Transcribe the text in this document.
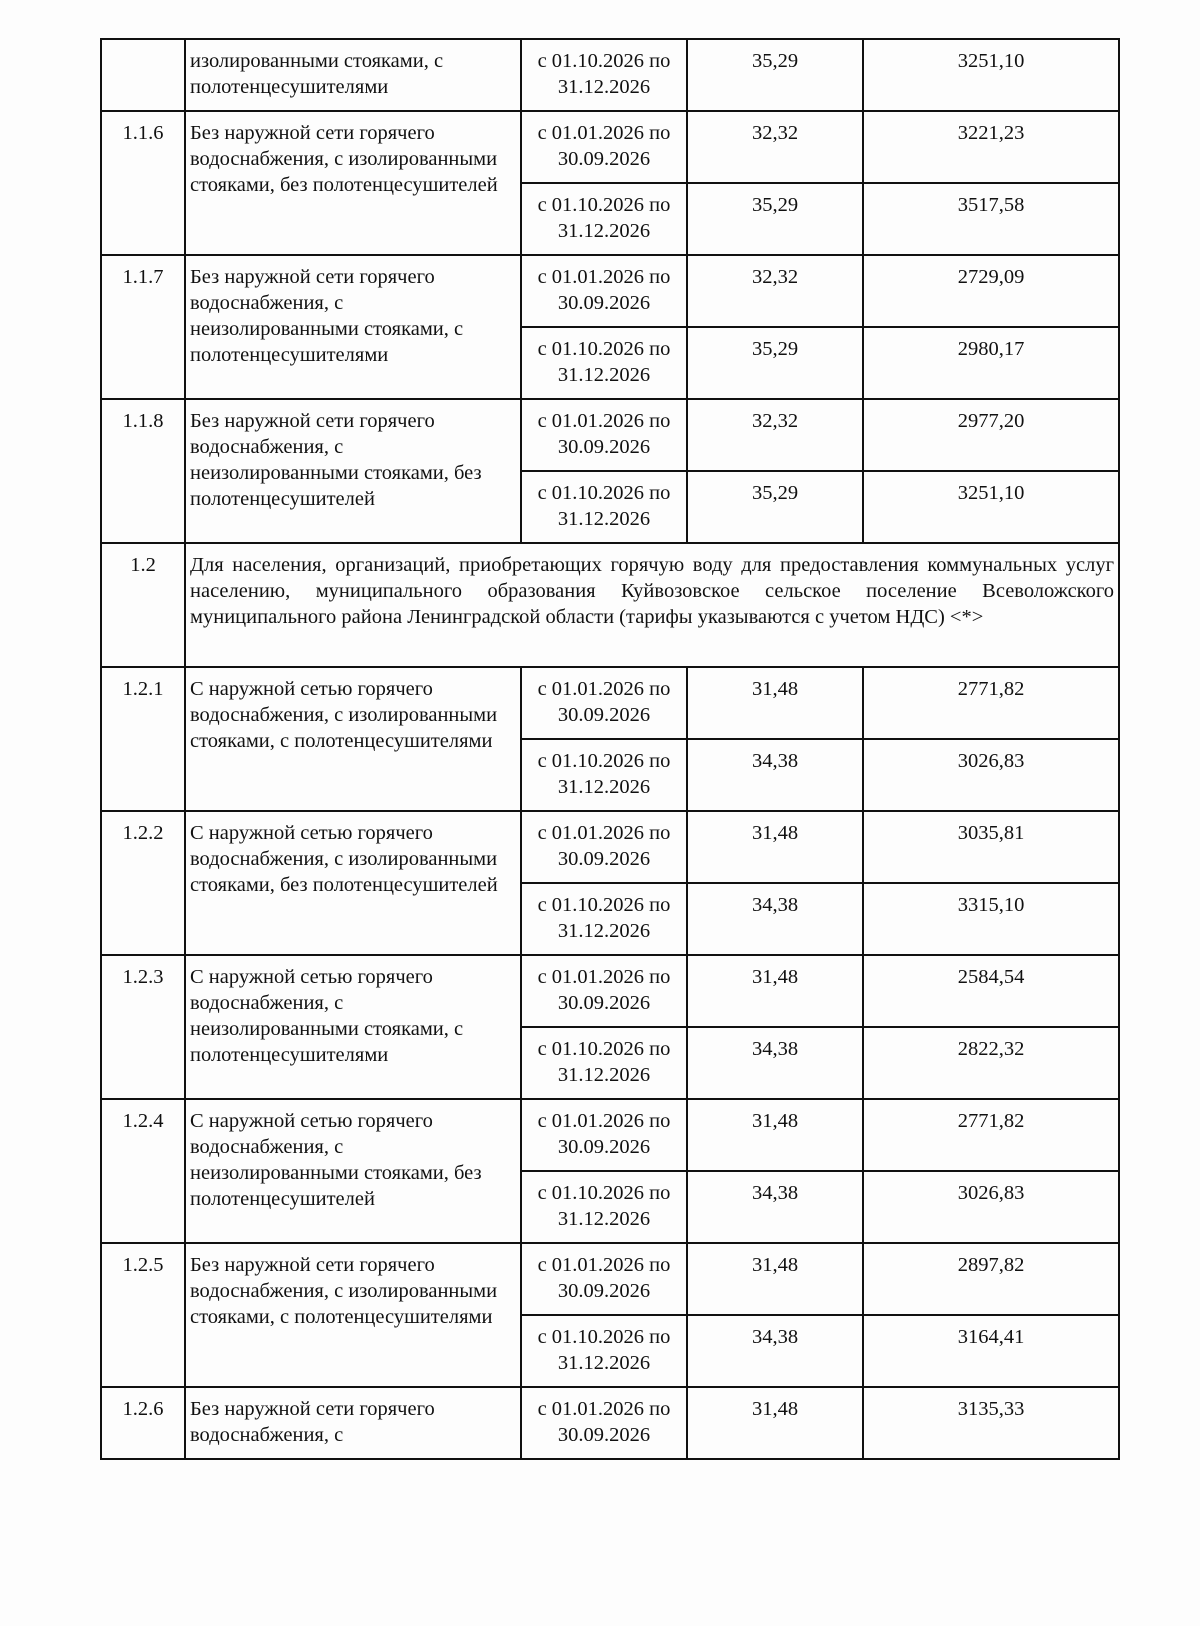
	изолированными стояками, с полотенцесушителями	с 01.10.2026 по 31.12.2026	35,29	3251,10
1.1.6	Без наружной сети горячего водоснабжения, с изолированными стояками, без полотенцесушителей	с 01.01.2026 по 30.09.2026	32,32	3221,23
		с 01.10.2026 по 31.12.2026	35,29	3517,58
1.1.7	Без наружной сети горячего водоснабжения, с неизолированными стояками, с полотенцесушителями	с 01.01.2026 по 30.09.2026	32,32	2729,09
		с 01.10.2026 по 31.12.2026	35,29	2980,17
1.1.8	Без наружной сети горячего водоснабжения, с неизолированными стояками, без полотенцесушителей	с 01.01.2026 по 30.09.2026	32,32	2977,20
		с 01.10.2026 по 31.12.2026	35,29	3251,10
1.2	Для населения, организаций, приобретающих горячую воду для предоставления коммунальных услуг населению, муниципального образования Куйвозовское сельское поселение Всеволожского муниципального района Ленинградской области (тарифы указываются с учетом НДС) <*>			
1.2.1	С наружной сетью горячего водоснабжения, с изолированными стояками, с полотенцесушителями	с 01.01.2026 по 30.09.2026	31,48	2771,82
		с 01.10.2026 по 31.12.2026	34,38	3026,83
1.2.2	С наружной сетью горячего водоснабжения, с изолированными стояками, без полотенцесушителей	с 01.01.2026 по 30.09.2026	31,48	3035,81
		с 01.10.2026 по 31.12.2026	34,38	3315,10
1.2.3	С наружной сетью горячего водоснабжения, с неизолированными стояками, с полотенцесушителями	с 01.01.2026 по 30.09.2026	31,48	2584,54
		с 01.10.2026 по 31.12.2026	34,38	2822,32
1.2.4	С наружной сетью горячего водоснабжения, с неизолированными стояками, без полотенцесушителей	с 01.01.2026 по 30.09.2026	31,48	2771,82
		с 01.10.2026 по 31.12.2026	34,38	3026,83
1.2.5	Без наружной сети горячего водоснабжения, с изолированными стояками, с полотенцесушителями	с 01.01.2026 по 30.09.2026	31,48	2897,82
		с 01.10.2026 по 31.12.2026	34,38	3164,41
1.2.6	Без наружной сети горячего водоснабжения, с	с 01.01.2026 по 30.09.2026	31,48	3135,33
